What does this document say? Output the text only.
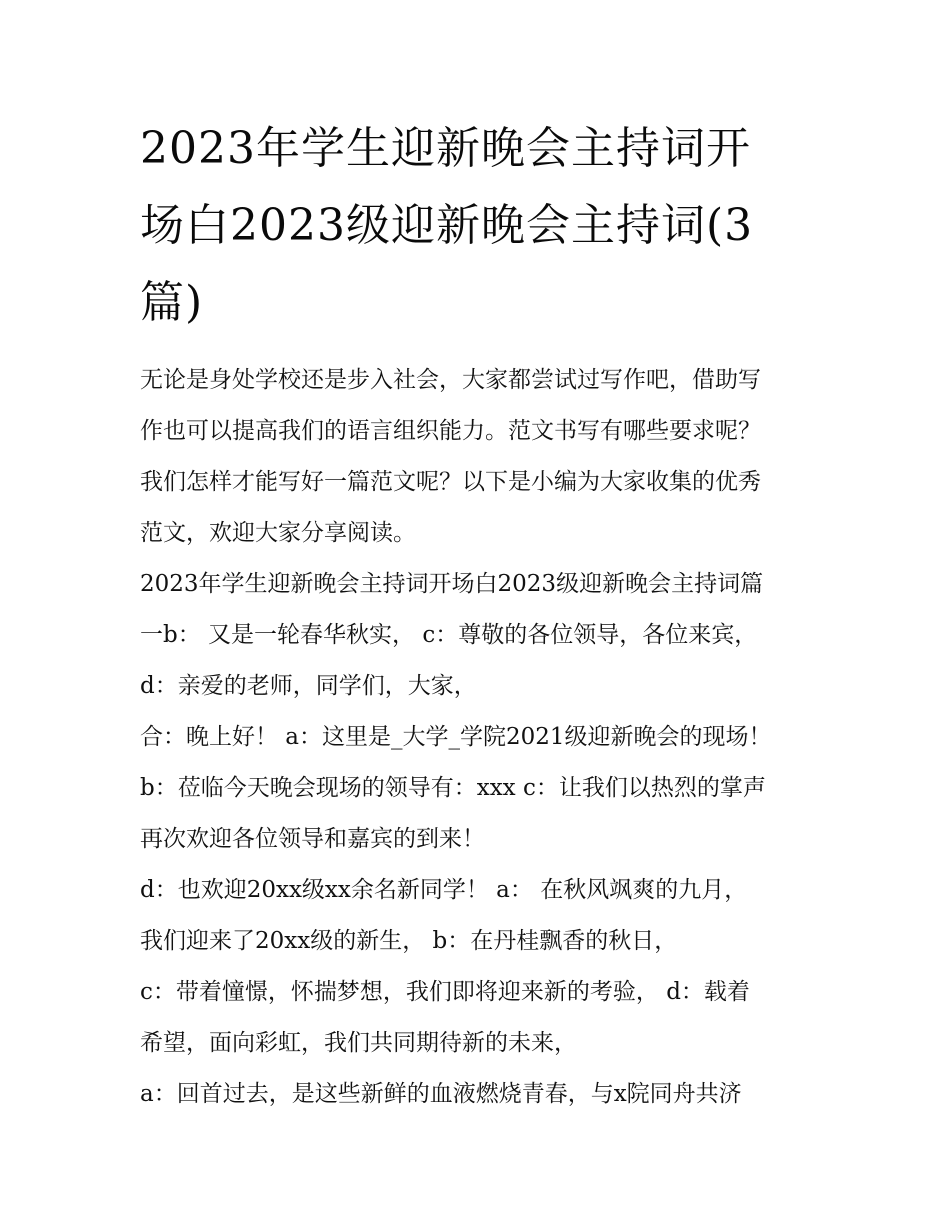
2023年学生迎新晚会主持词开
场白2023级迎新晚会主持词(3
篇)
无论是身处学校还是步入社会，大家都尝试过写作吧，借助写
作也可以提高我们的语言组织能力。范文书写有哪些要求呢？
我们怎样才能写好一篇范文呢？以下是小编为大家收集的优秀
范文，欢迎大家分享阅读。
2023年学生迎新晚会主持词开场白2023级迎新晚会主持词篇
一b： 又是一轮春华秋实， c：尊敬的各位领导，各位来宾，
d：亲爱的老师，同学们，大家，
合：晚上好！ a：这里是_大学_学院2021级迎新晚会的现场！
b：莅临今天晚会现场的领导有：xxx c：让我们以热烈的掌声
再次欢迎各位领导和嘉宾的到来！
d：也欢迎20xx级xx余名新同学！ a： 在秋风飒爽的九月，
我们迎来了20xx级的新生， b：在丹桂飘香的秋日，
c：带着憧憬，怀揣梦想，我们即将迎来新的考验， d：载着
希望，面向彩虹，我们共同期待新的未来，
a：回首过去，是这些新鲜的血液燃烧青春，与x院同舟共济
